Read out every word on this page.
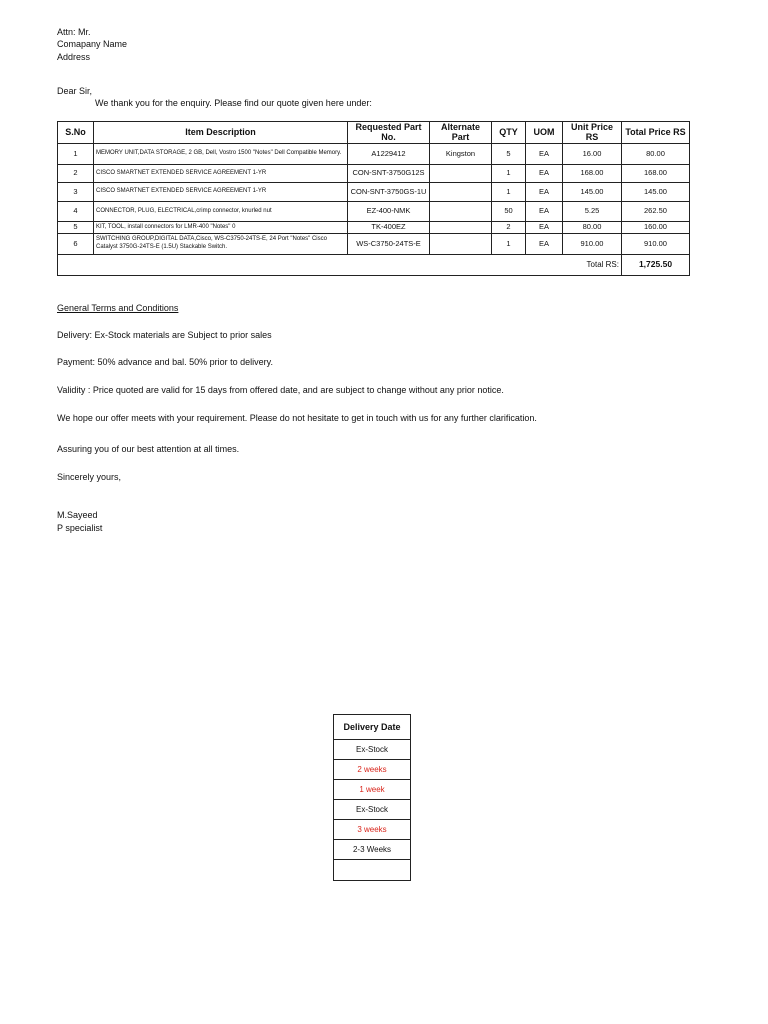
Attn: Mr.
Comapany Name
Address
Dear Sir,
We thank you for the enquiry. Please find our quote given here under:
S.No	Item Description	Requested Part No.	Alternate Part	QTY	UOM	Unit Price RS	Total Price RS
1	MEMORY UNIT,DATA STORAGE, 2 GB, Dell, Vostro 1500 "Notes" Dell Compatible Memory.	A1229412	Kingston	5	EA	16.00	80.00
2	CISCO SMARTNET EXTENDED SERVICE AGREEMENT 1-YR	CON-SNT-3750G12S		1	EA	168.00	168.00
3	CISCO SMARTNET EXTENDED SERVICE AGREEMENT 1-YR	CON-SNT-3750GS-1U		1	EA	145.00	145.00
4	CONNECTOR, PLUG, ELECTRICAL,crimp connector, knurled nut	EZ-400-NMK		50	EA	5.25	262.50
5	KIT, TOOL, install connectors for LMR-400 "Notes" 0	TK-400EZ		2	EA	80.00	160.00
6	SWITCHING GROUP,DIGITAL DATA,Cisco, WS-C3750-24TS-E, 24 Port "Notes" Cisco Catalyst 3750G-24TS-E (1.5U) Stackable Switch.	WS-C3750-24TS-E		1	EA	910.00	910.00
Total RS:							1,725.50
General Terms and Conditions
Delivery: Ex-Stock materials are Subject to prior sales
Payment: 50% advance and bal. 50% prior to delivery.
Validity : Price quoted are valid for 15 days from offered date, and are subject to change without any prior notice.
We hope our offer meets with your requirement. Please do not hesitate to get in touch with us for any further clarification.
Assuring you of our best attention at all times.
Sincerely yours,
M.Sayeed
P specialist
Delivery Date
Ex-Stock
2 weeks
1 week
Ex-Stock
3 weeks
2-3 Weeks
